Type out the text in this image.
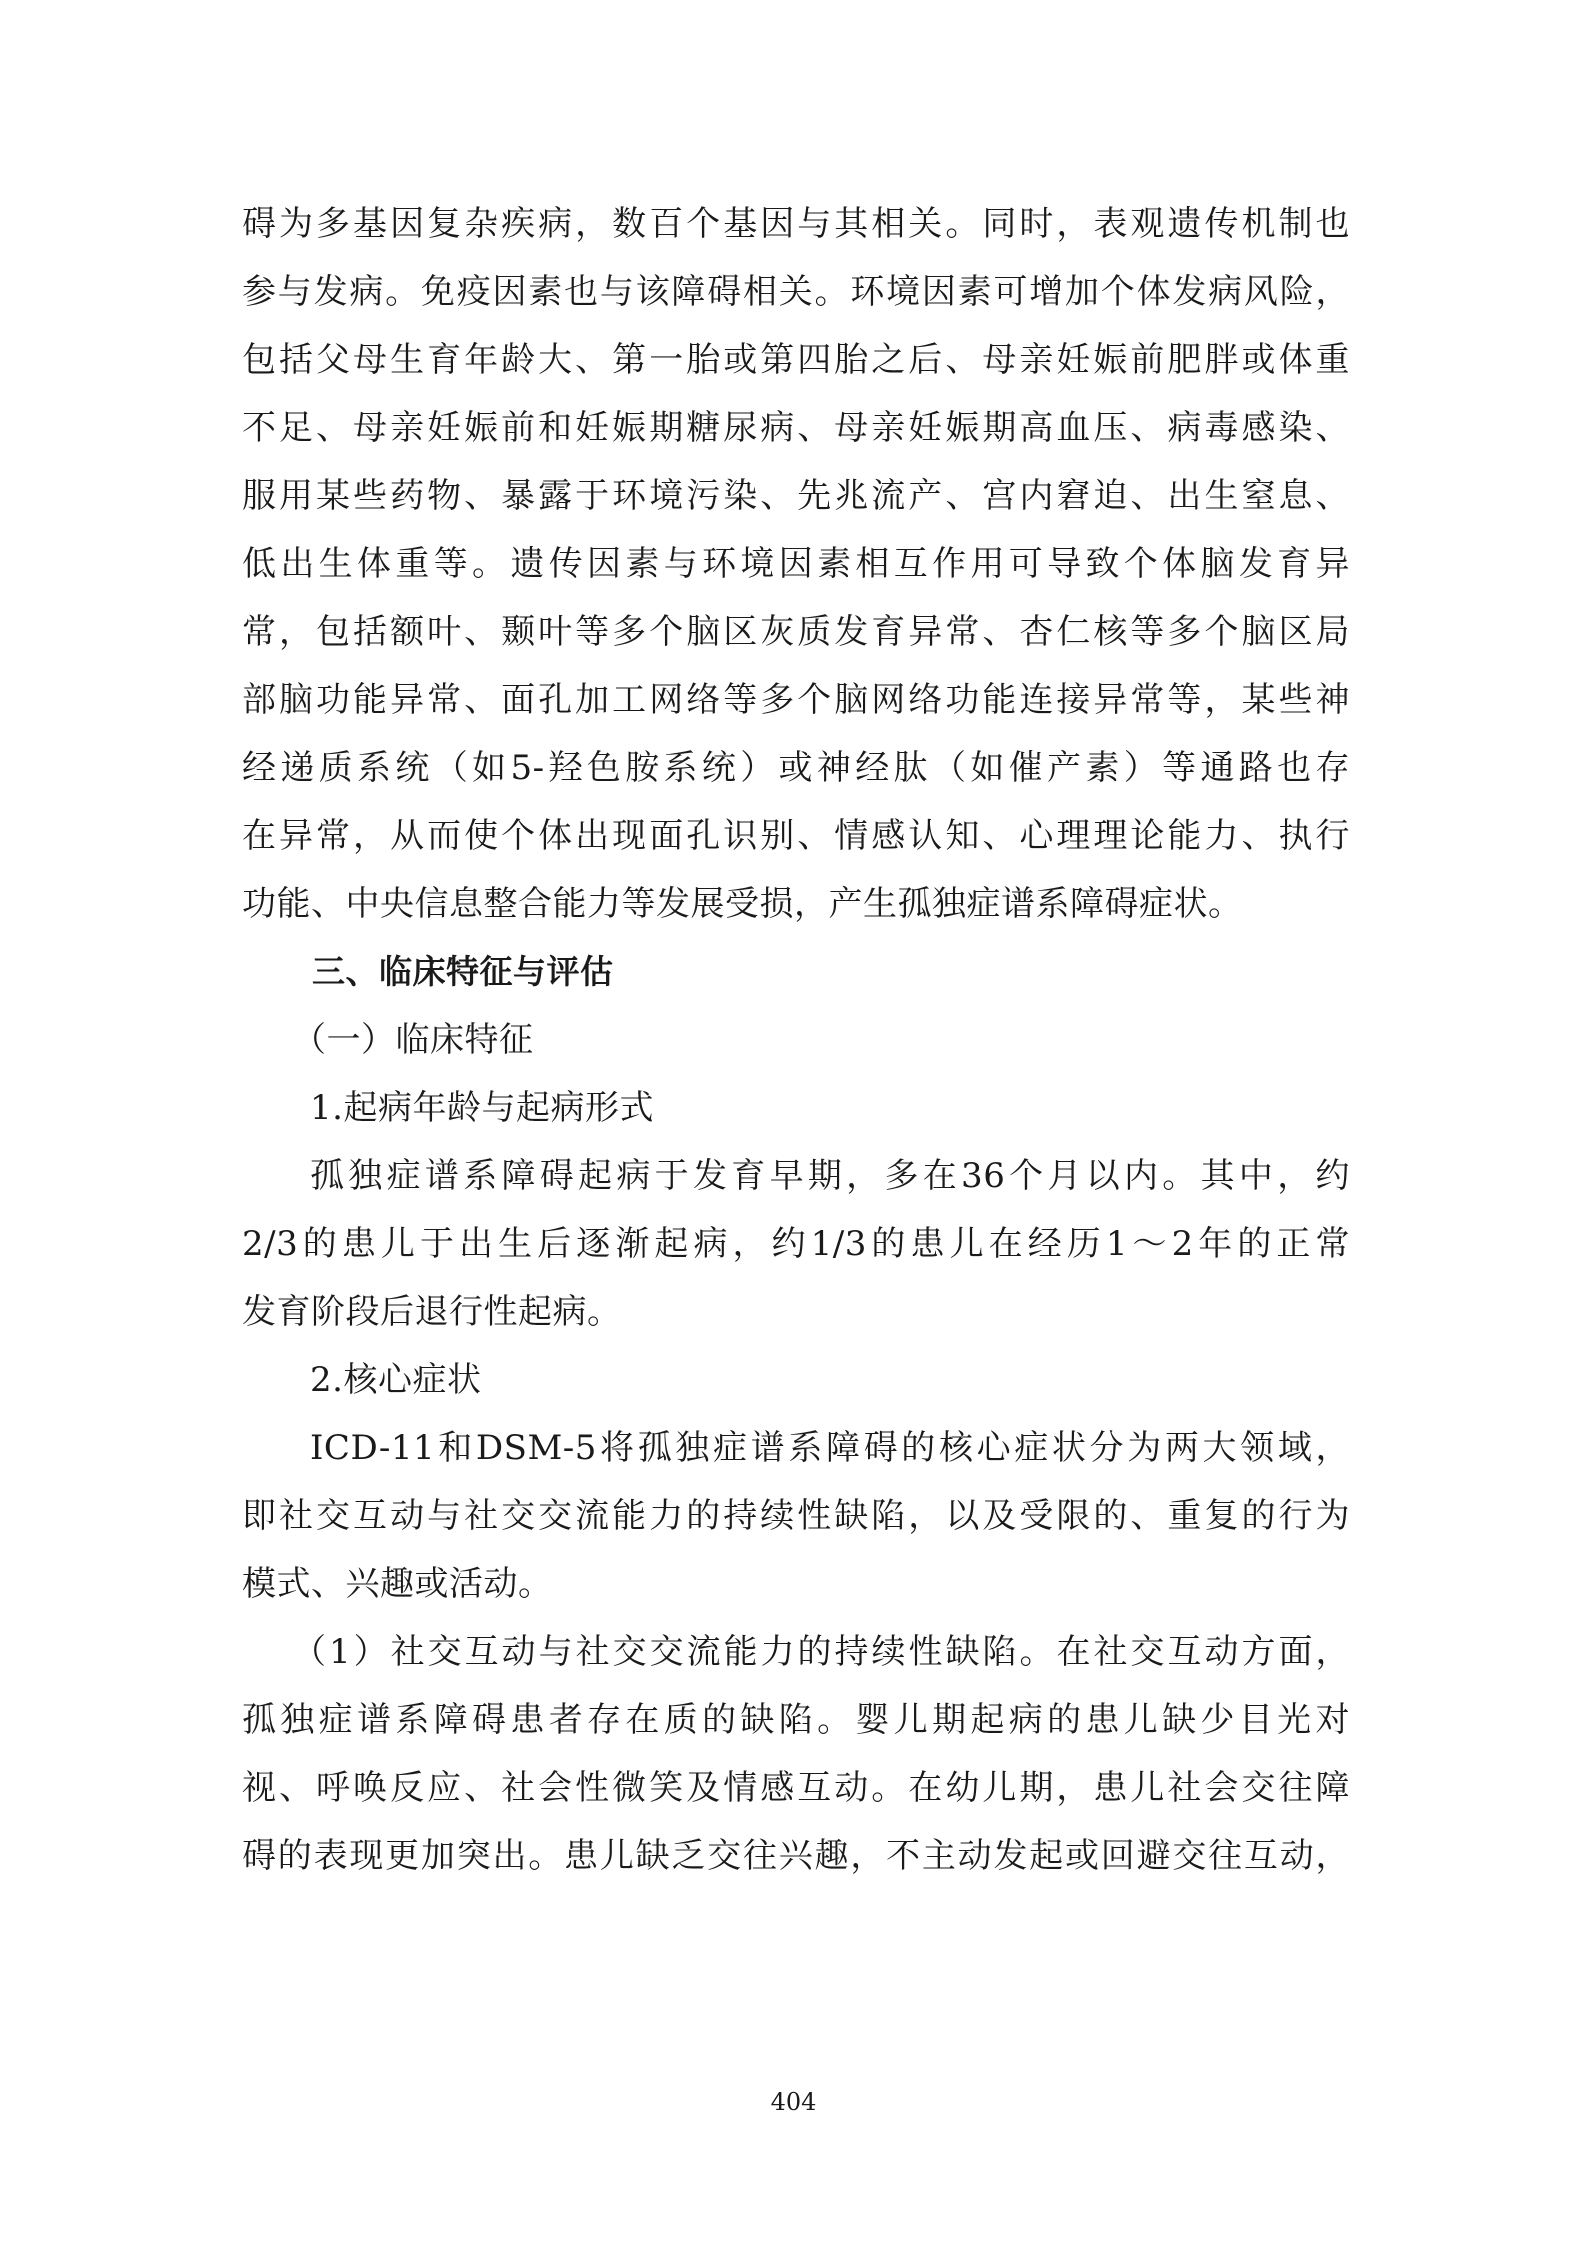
碍为多基因复杂疾病，数百个基因与其相关。同时，表观遗传机制也
参与发病。免疫因素也与该障碍相关。环境因素可增加个体发病风险，
包括父母生育年龄大、第一胎或第四胎之后、母亲妊娠前肥胖或体重
不足、母亲妊娠前和妊娠期糖尿病、母亲妊娠期高血压、病毒感染、
服用某些药物、暴露于环境污染、先兆流产、宫内窘迫、出生窒息、
低出生体重等。遗传因素与环境因素相互作用可导致个体脑发育异
常，包括额叶、颞叶等多个脑区灰质发育异常、杏仁核等多个脑区局
部脑功能异常、面孔加工网络等多个脑网络功能连接异常等，某些神
经递质系统（如5-羟色胺系统）或神经肽（如催产素）等通路也存
在异常，从而使个体出现面孔识别、情感认知、心理理论能力、执行
功能、中央信息整合能力等发展受损，产生孤独症谱系障碍症状。
三、临床特征与评估
（一）临床特征
1.起病年龄与起病形式
孤独症谱系障碍起病于发育早期，多在36个月以内。其中，约
2/3的患儿于出生后逐渐起病，约1/3的患儿在经历1～2年的正常
发育阶段后退行性起病。
2.核心症状
ICD-11和DSM-5将孤独症谱系障碍的核心症状分为两大领域，
即社交互动与社交交流能力的持续性缺陷，以及受限的、重复的行为
模式、兴趣或活动。
（1）社交互动与社交交流能力的持续性缺陷。在社交互动方面，
孤独症谱系障碍患者存在质的缺陷。婴儿期起病的患儿缺少目光对
视、呼唤反应、社会性微笑及情感互动。在幼儿期，患儿社会交往障
碍的表现更加突出。患儿缺乏交往兴趣，不主动发起或回避交往互动，
404
